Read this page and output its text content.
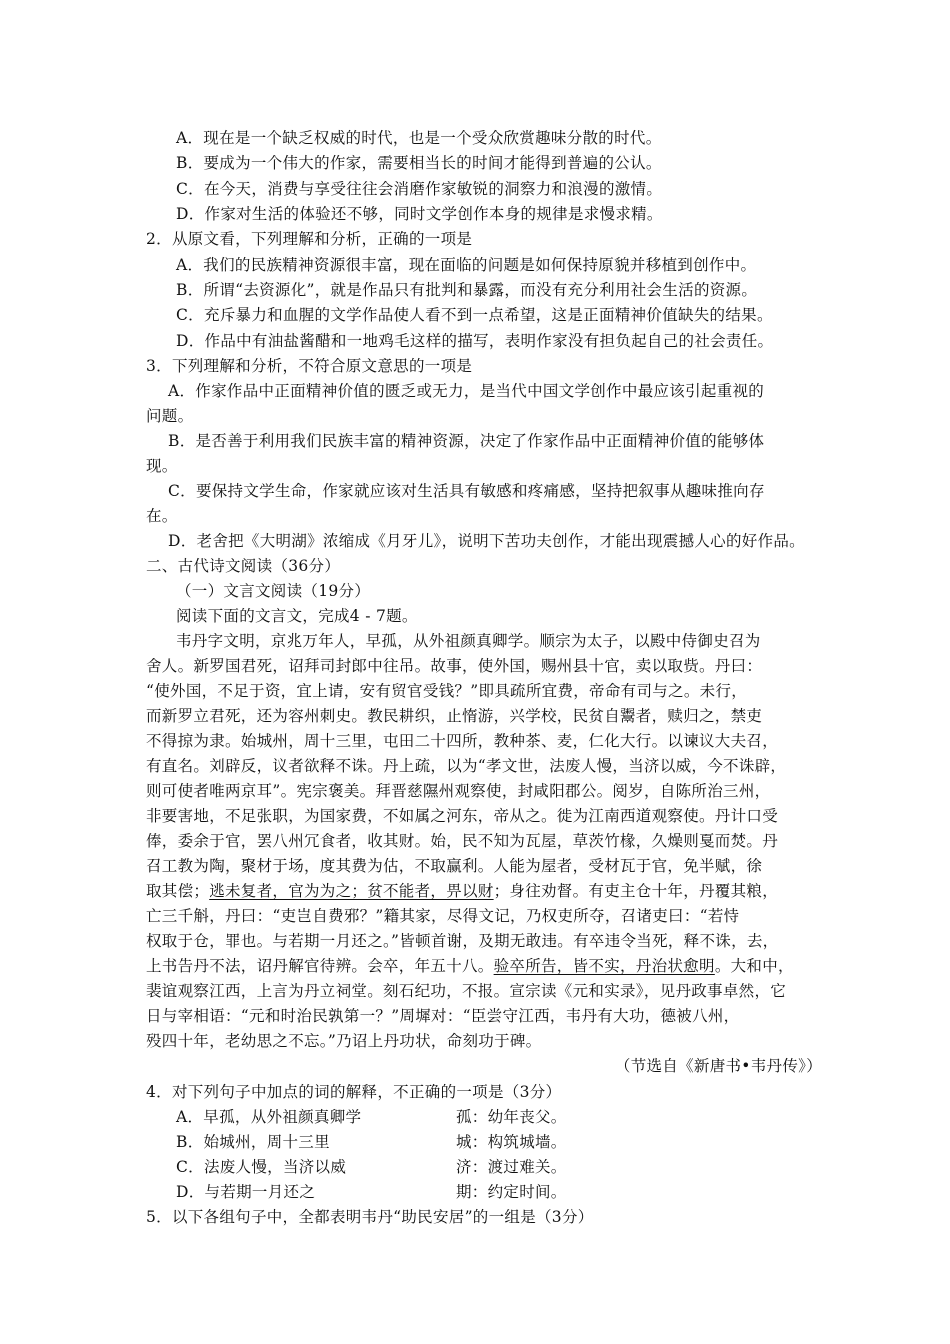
A．现在是一个缺乏权威的时代，也是一个受众欣赏趣味分散的时代。
B．要成为一个伟大的作家，需要相当长的时间才能得到普遍的公认。
C．在今天，消费与享受往往会消磨作家敏锐的洞察力和浪漫的激情。
D．作家对生活的体验还不够，同时文学创作本身的规律是求慢求精。
2．从原文看，下列理解和分析，正确的一项是
A．我们的民族精神资源很丰富，现在面临的问题是如何保持原貌并移植到创作中。
B．所谓“去资源化”，就是作品只有批判和暴露，而没有充分利用社会生活的资源。
C．充斥暴力和血腥的文学作品使人看不到一点希望，这是正面精神价值缺失的结果。
D．作品中有油盐酱醋和一地鸡毛这样的描写，表明作家没有担负起自己的社会责任。
3．下列理解和分析，不符合原文意思的一项是
A．作家作品中正面精神价值的匮乏或无力，是当代中国文学创作中最应该引起重视的
问题。
B．是否善于利用我们民族丰富的精神资源，决定了作家作品中正面精神价值的能够体
现。
C．要保持文学生命，作家就应该对生活具有敏感和疼痛感，坚持把叙事从趣味推向存
在。
D．老舍把《大明湖》浓缩成《月牙儿》，说明下苦功夫创作，才能出现震撼人心的好作品。
二、古代诗文阅读（36分）
（一）文言文阅读（19分）
阅读下面的文言文，完成4 - 7题。
韦丹字文明，京兆万年人，早孤，从外祖颜真卿学。顺宗为太子，以殿中侍御史召为
舍人。新罗国君死，诏拜司封郎中往吊。故事，使外国，赐州县十官，卖以取赀。丹曰：
“使外国，不足于资，宜上请，安有贸官受钱？”即具疏所宜费，帝命有司与之。未行，
而新罗立君死，还为容州刺史。教民耕织，止惰游，兴学校，民贫自鬻者，赎归之，禁吏
不得掠为隶。始城州，周十三里，屯田二十四所，教种茶、麦，仁化大行。以谏议大夫召，
有直名。刘辟反，议者欲释不诛。丹上疏，以为“孝文世，法废人慢，当济以威，今不诛辟，
则可使者唯两京耳”。宪宗褒美。拜晋慈隰州观察使，封咸阳郡公。阅岁，自陈所治三州，
非要害地，不足张职，为国家费，不如属之河东，帝从之。徙为江南西道观察使。丹计口受
俸，委余于官，罢八州冗食者，收其财。始，民不知为瓦屋，草茨竹椽，久燥则戛而焚。丹
召工教为陶，聚材于场，度其费为估，不取赢利。人能为屋者，受材瓦于官，免半赋，徐
取其偿；逃未复者，官为为之；贫不能者，畀以财；身往劝督。有吏主仓十年，丹覆其粮，
亡三千斛，丹曰：“吏岂自费邪？”籍其家，尽得文记，乃权吏所夺，召诸吏曰：“若恃
权取于仓，罪也。与若期一月还之。”皆顿首谢，及期无敢违。有卒违令当死，释不诛，去，
上书告丹不法，诏丹解官待辨。会卒，年五十八。验卒所告，皆不实，丹治状愈明。大和中，
裴谊观察江西，上言为丹立祠堂。刻石纪功，不报。宣宗读《元和实录》，见丹政事卓然，它
日与宰相语：“元和时治民孰第一？”周墀对：“臣尝守江西，韦丹有大功，德被八州，
殁四十年，老幼思之不忘。”乃诏上丹功状，命刻功于碑。
（节选自《新唐书•韦丹传》）
4．对下列句子中加点的词的解释，不正确的一项是（3分）
A．早孤，从外祖颜真卿学	孤：幼年丧父。
B．始城州，周十三里	城：构筑城墙。
C．法废人慢，当济以威	济：渡过难关。
D．与若期一月还之	期：约定时间。
5．以下各组句子中，全都表明韦丹“助民安居”的一组是（3分）
